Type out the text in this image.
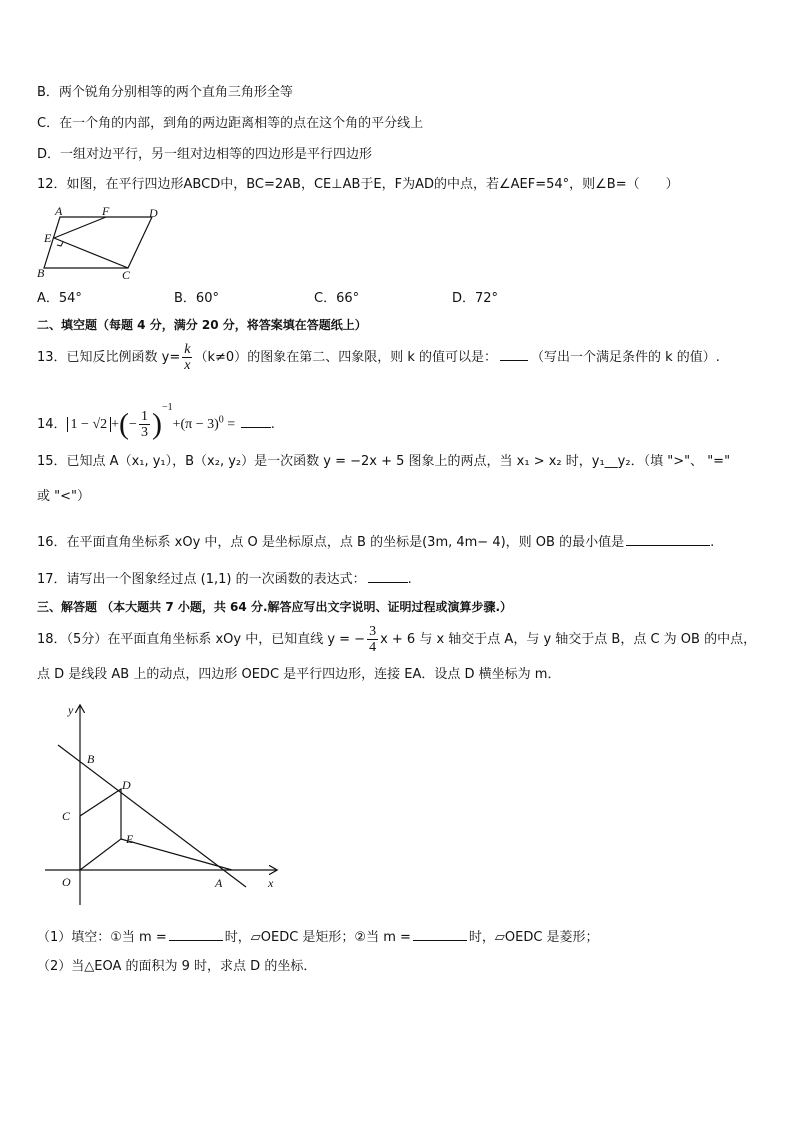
B．两个锐角分别相等的两个直角三角形全等
C．在一个角的内部，到角的两边距离相等的点在这个角的平分线上
D．一组对边平行，另一组对边相等的四边形是平行四边形
12．如图，在平行四边形ABCD中，BC=2AB，CE⊥AB于E，F为AD的中点，若∠AEF=54°，则∠B=（　　）
A	F	D
E
B	C
A．54°	B．60°	C．66°	D．72°
二、填空题（每题 4 分，满分 20 分，将答案填在答题纸上）
13．已知反比例函数 $y= \frac{k}{x} (k\ne 0)$的图象在第二、四象限，则 k 的值可以是：	（写出一个满足条件的 k 的值）.
14． 1 − √2 +(− $\frac{1}{3} )^{-1}+(\pi - 3)^0$ = .
15．已知点 A（x₁, y₁），B（x₂, y₂）是一次函数 y = −2x + 5 图象上的两点，当 x₁ > x₂ 时，y₁__y₂．（填 ">"、 "="
或 "<"）
16．在平面直角坐标系 xOy 中，点 O 是坐标原点，点 B 的坐标是(3m, 4m− 4)，则 OB 的最小值是	.
17．请写出一个图象经过点 (1,1) 的一次函数的表达式：	.
三、解答题 （本大题共 7 小题，共 64 分.解答应写出文字说明、证明过程或演算步骤.）
18．（5分）在平面直角坐标系 xOy 中，已知直线 y = − $\frac{3}{4}$ x + 6 与 x 轴交于点 A，与 y 轴交于点 B，点 C 为 OB 的中点，
点 D 是线段 AB 上的动点，四边形 OEDC 是平行四边形，连接 EA．设点 D 横坐标为 m．
y
B
D
C
E
O	A	x
（1）填空：①当 m =	时，▱OEDC 是矩形；②当 m =	时，▱OEDC 是菱形；
（2）当△EOA 的面积为 9 时，求点 D 的坐标．
